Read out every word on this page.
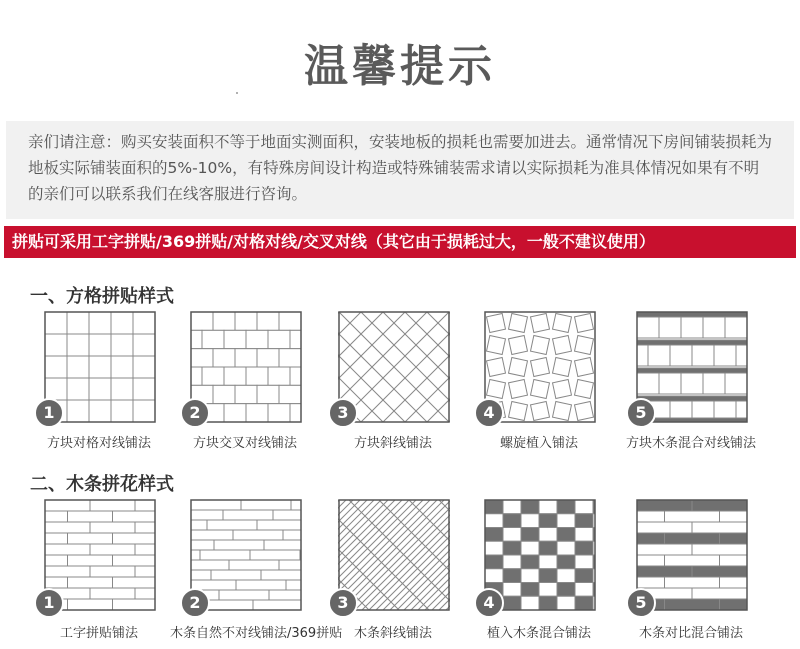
温馨提示
亲们请注意：购买安装面积不等于地面实测面积，安装地板的损耗也需要加进去。通常情况下房间铺装损耗为地板实际铺装面积的5%-10%，有特殊房间设计构造或特殊铺装需求请以实际损耗为准具体情况如果有不明的亲们可以联系我们在线客服进行咨询。
拼贴可采用工字拼贴/369拼贴/对格对线/交叉对线（其它由于损耗过大，一般不建议使用）
一、方格拼贴样式
二、木条拼花样式
1
方块对格对线铺法
2
方块交叉对线铺法
3
方块斜线铺法
4
螺旋植入铺法
5
方块木条混合对线铺法
1
工字拼贴铺法
2
木条自然不对线铺法/369拼贴
3
木条斜线铺法
4
植入木条混合铺法
5
木条对比混合铺法
